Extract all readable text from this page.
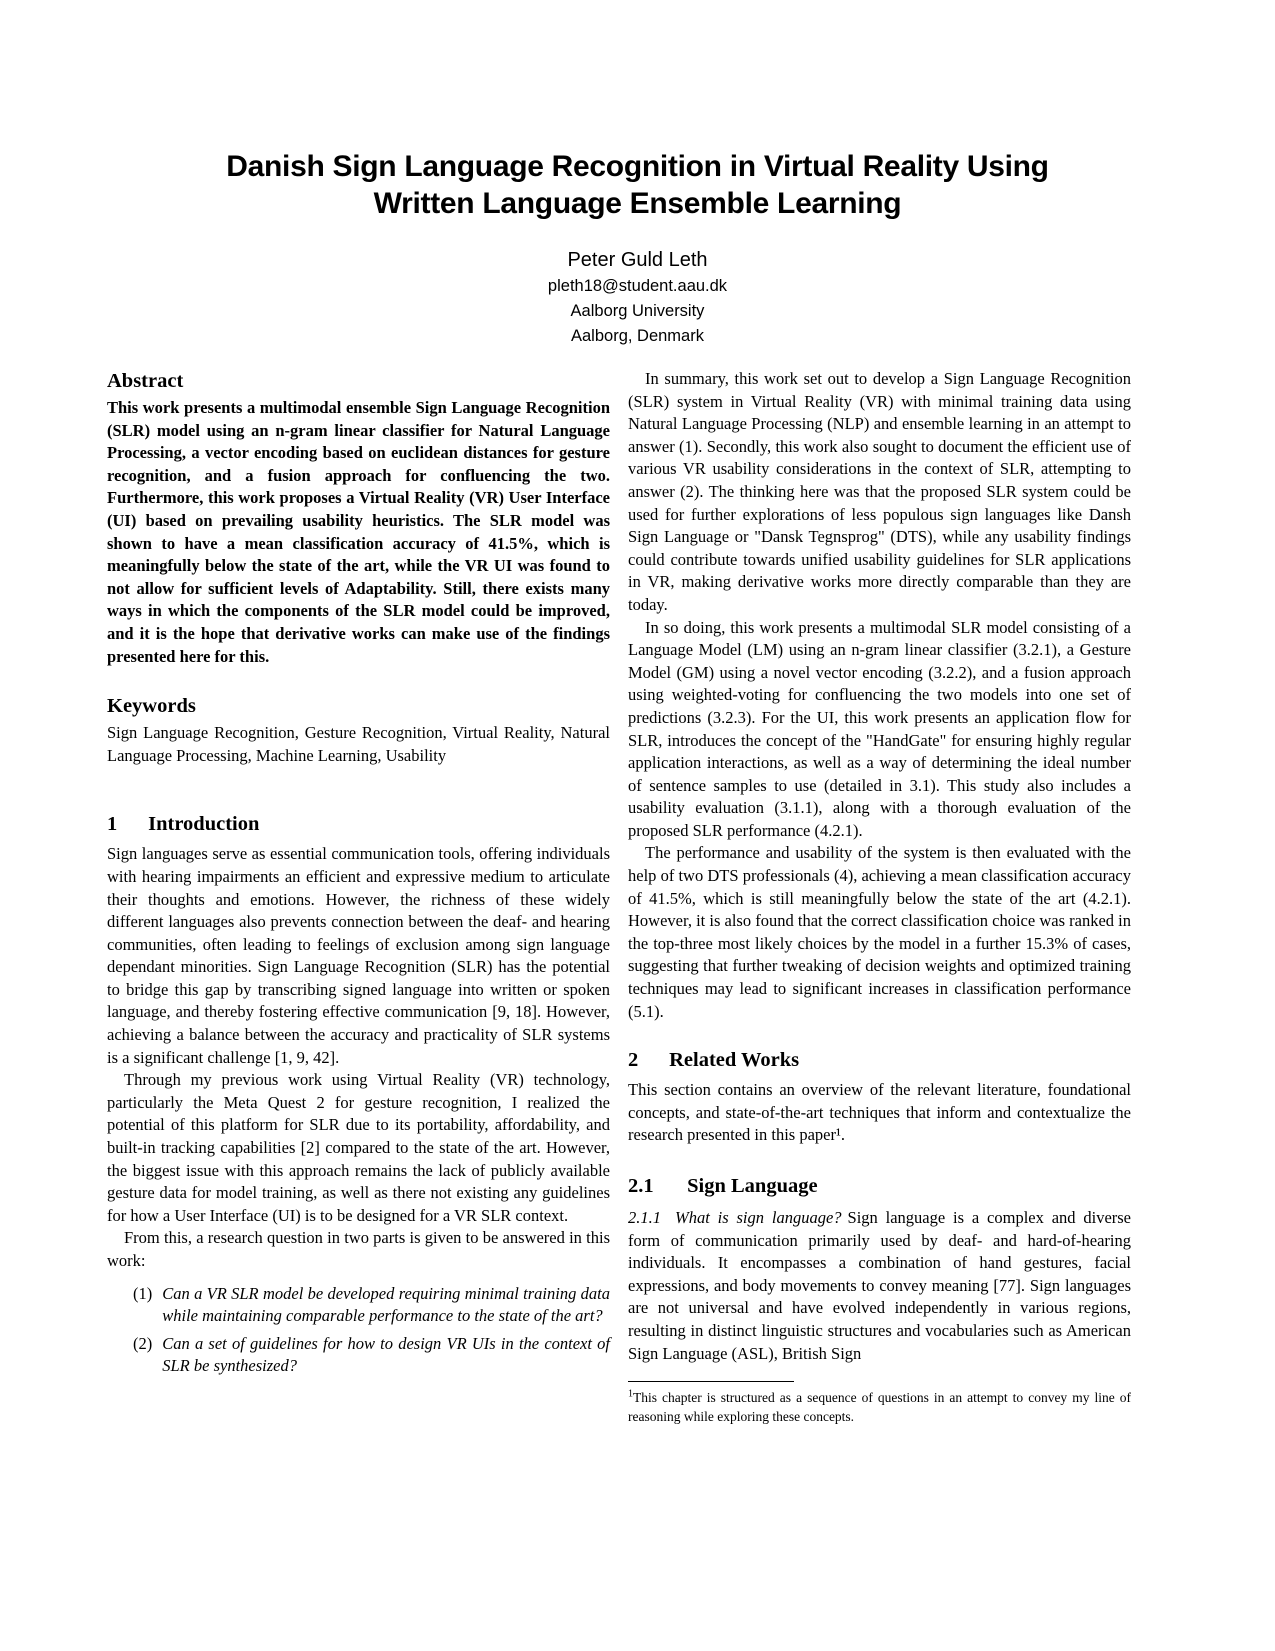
Danish Sign Language Recognition in Virtual Reality Using
Written Language Ensemble Learning
Peter Guld Leth
pleth18@student.aau.dk
Aalborg University
Aalborg, Denmark
Abstract

This work presents a multimodal ensemble Sign Language Recognition (SLR) model using an n-gram linear classifier for Natural Language Processing, a vector encoding based on euclidean distances for gesture recognition, and a fusion approach for confluencing the two. Furthermore, this work proposes a Virtual Reality (VR) User Interface (UI) based on prevailing usability heuristics. The SLR model was shown to have a mean classification accuracy of 41.5%, which is meaningfully below the state of the art, while the VR UI was found to not allow for sufficient levels of Adaptability. Still, there exists many ways in which the components of the SLR model could be improved, and it is the hope that derivative works can make use of the findings presented here for this.

Keywords

Sign Language Recognition, Gesture Recognition, Virtual Reality, Natural Language Processing, Machine Learning, Usability

1 Introduction

Sign languages serve as essential communication tools, offering individuals with hearing impairments an efficient and expressive medium to articulate their thoughts and emotions. However, the richness of these widely different languages also prevents connection between the deaf- and hearing communities, often leading to feelings of exclusion among sign language dependant minorities. Sign Language Recognition (SLR) has the potential to bridge this gap by transcribing signed language into written or spoken language, and thereby fostering effective communication [9, 18]. However, achieving a balance between the accuracy and practicality of SLR systems is a significant challenge [1, 9, 42].

Through my previous work using Virtual Reality (VR) technology, particularly the Meta Quest 2 for gesture recognition, I realized the potential of this platform for SLR due to its portability, affordability, and built-in tracking capabilities [2] compared to the state of the art. However, the biggest issue with this approach remains the lack of publicly available gesture data for model training, as well as there not existing any guidelines for how a User Interface (UI) is to be designed for a VR SLR context.

From this, a research question in two parts is given to be answered in this work:

(1) Can a VR SLR model be developed requiring minimal training data while maintaining comparable performance to the state of the art?
(2) Can a set of guidelines for how to design VR UIs in the context of SLR be synthesized?

In summary, this work set out to develop a Sign Language Recognition (SLR) system in Virtual Reality (VR) with minimal training data using Natural Language Processing (NLP) and ensemble learning in an attempt to answer (1). Secondly, this work also sought to document the efficient use of various VR usability considerations in the context of SLR, attempting to answer (2). The thinking here was that the proposed SLR system could be used for further explorations of less populous sign languages like Dansh Sign Language or "Dansk Tegnsprog" (DTS), while any usability findings could contribute towards unified usability guidelines for SLR applications in VR, making derivative works more directly comparable than they are today.

In so doing, this work presents a multimodal SLR model consisting of a Language Model (LM) using an n-gram linear classifier (3.2.1), a Gesture Model (GM) using a novel vector encoding (3.2.2), and a fusion approach using weighted-voting for confluencing the two models into one set of predictions (3.2.3). For the UI, this work presents an application flow for SLR, introduces the concept of the "HandGate" for ensuring highly regular application interactions, as well as a way of determining the ideal number of sentence samples to use (detailed in 3.1). This study also includes a usability evaluation (3.1.1), along with a thorough evaluation of the proposed SLR performance (4.2.1).

The performance and usability of the system is then evaluated with the help of two DTS professionals (4), achieving a mean classification accuracy of 41.5%, which is still meaningfully below the state of the art (4.2.1). However, it is also found that the correct classification choice was ranked in the top-three most likely choices by the model in a further 15.3% of cases, suggesting that further tweaking of decision weights and optimized training techniques may lead to significant increases in classification performance (5.1).

2 Related Works

This section contains an overview of the relevant literature, foundational concepts, and state-of-the-art techniques that inform and contextualize the research presented in this paper¹.

2.1 Sign Language

2.1.1 What is sign language? Sign language is a complex and diverse form of communication primarily used by deaf- and hard-of-hearing individuals. It encompasses a combination of hand gestures, facial expressions, and body movements to convey meaning [77]. Sign languages are not universal and have evolved independently in various regions, resulting in distinct linguistic structures and vocabularies such as American Sign Language (ASL), British Sign

$^1$This chapter is structured as a sequence of questions in an attempt to convey my line of reasoning while exploring these concepts.
